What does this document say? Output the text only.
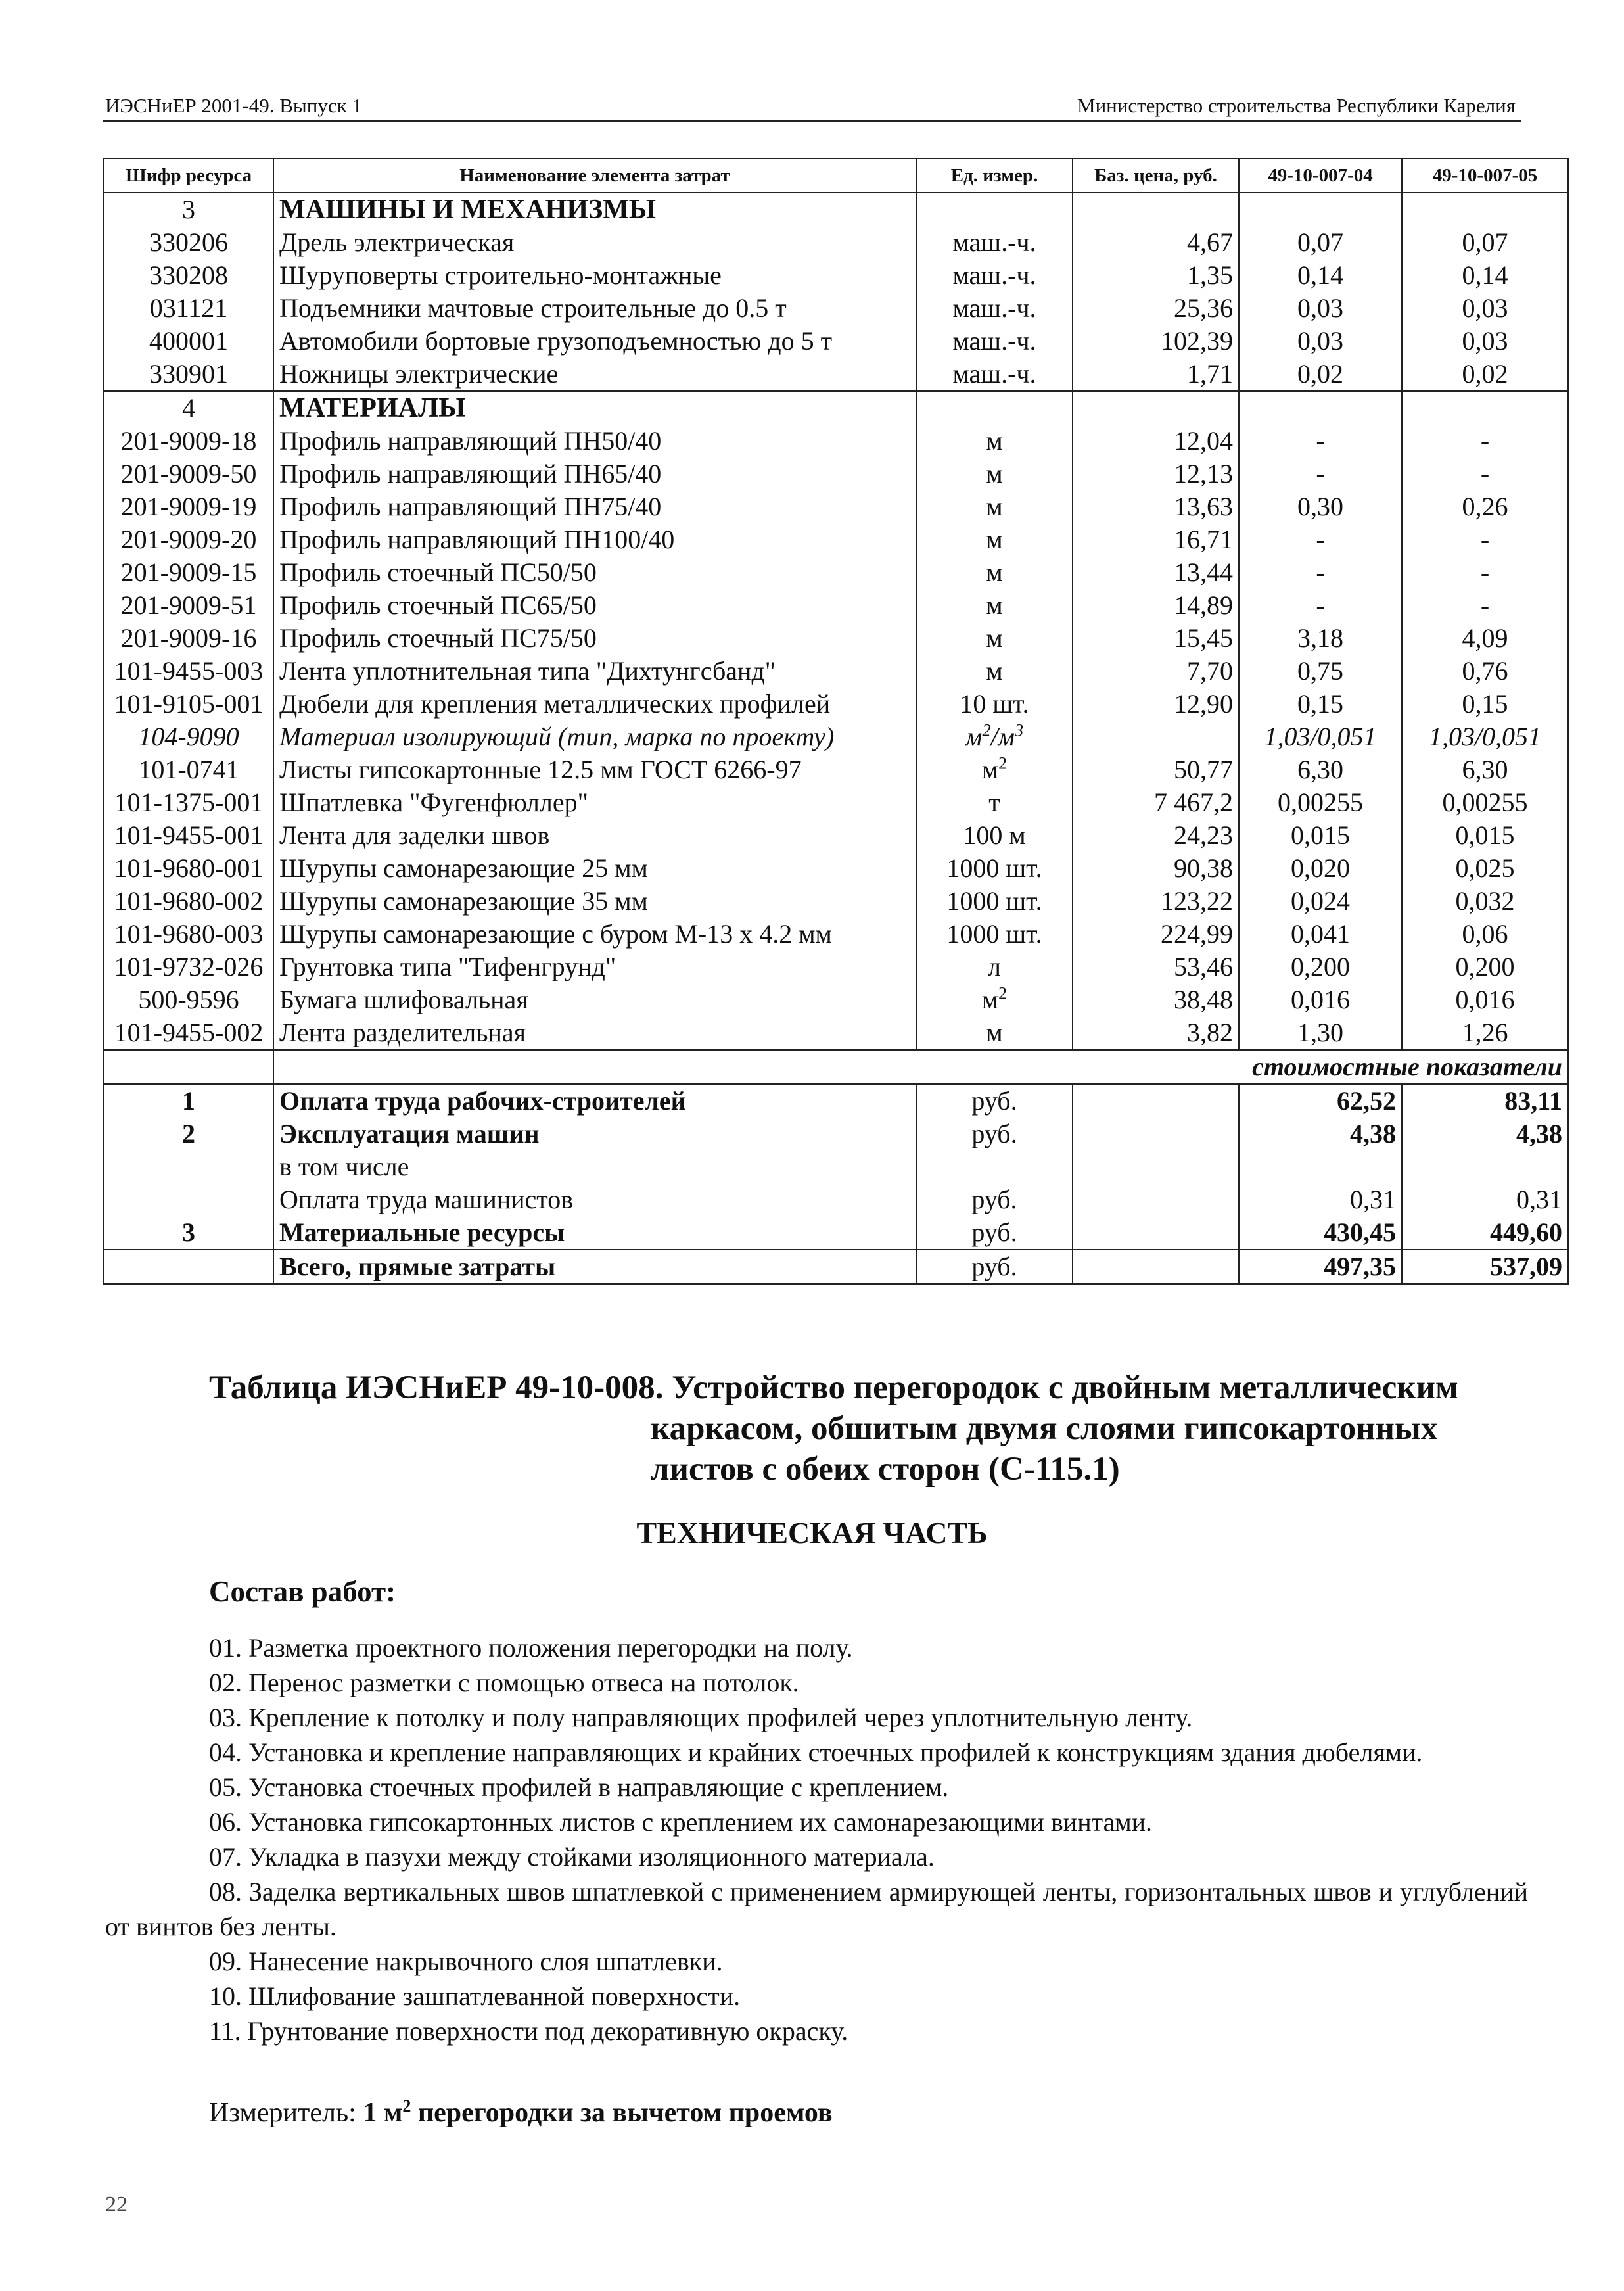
ИЭСНиЕР 2001-49. Выпуск 1	Министерство строительства Республики Карелия
Шифр ресурса	Наименование элемента затрат	Ед. измер.	Баз. цена, руб.	49-10-007-04	49-10-007-05
3	МАШИНЫ И МЕХАНИЗМЫ				
330206	Дрель электрическая	маш.-ч.	4,67	0,07	0,07
330208	Шуруповерты строительно-монтажные	маш.-ч.	1,35	0,14	0,14
031121	Подъемники мачтовые строительные до 0.5 т	маш.-ч.	25,36	0,03	0,03
400001	Автомобили бортовые грузоподъемностью до 5 т	маш.-ч.	102,39	0,03	0,03
330901	Ножницы электрические	маш.-ч.	1,71	0,02	0,02
4	МАТЕРИАЛЫ				
201-9009-18	Профиль направляющий ПН50/40	м	12,04	-	-
201-9009-50	Профиль направляющий ПН65/40	м	12,13	-	-
201-9009-19	Профиль направляющий ПН75/40	м	13,63	0,30	0,26
201-9009-20	Профиль направляющий ПН100/40	м	16,71	-	-
201-9009-15	Профиль стоечный ПС50/50	м	13,44	-	-
201-9009-51	Профиль стоечный ПС65/50	м	14,89	-	-
201-9009-16	Профиль стоечный ПС75/50	м	15,45	3,18	4,09
101-9455-003	Лента уплотнительная типа "Дихтунгсбанд"	м	7,70	0,75	0,76
101-9105-001	Дюбели для крепления металлических профилей	10 шт.	12,90	0,15	0,15
104-9090	Материал изолирующий (тип, марка по проекту)	$м^2/м^3$		1,03/0,051	1,03/0,051
101-0741	Листы гипсокартонные 12.5 мм ГОСТ 6266-97	$м^2$	50,77	6,30	6,30
101-1375-001	Шпатлевка "Фугенфюллер"	т	7 467,2	0,00255	0,00255
101-9455-001	Лента для заделки швов	100 м	24,23	0,015	0,015
101-9680-001	Шурупы самонарезающие 25 мм	1000 шт.	90,38	0,020	0,025
101-9680-002	Шурупы самонарезающие 35 мм	1000 шт.	123,22	0,024	0,032
101-9680-003	Шурупы самонарезающие с буром М-13 х 4.2 мм	1000 шт.	224,99	0,041	0,06
101-9732-026	Грунтовка типа "Тифенгрунд"	л	53,46	0,200	0,200
500-9596	Бумага шлифовальная	$м^2$	38,48	0,016	0,016
101-9455-002	Лента разделительная	м	3,82	1,30	1,26
	стоимостные показатели				
1	Оплата труда рабочих-строителей	руб.		62,52	83,11
2	Эксплуатация машин	руб.		4,38	4,38
	в том числе				
	Оплата труда машинистов	руб.		0,31	0,31
3	Материальные ресурсы	руб.		430,45	449,60
	Всего, прямые затраты	руб.		497,35	537,09
Таблица ИЭСНиЕР 49-10-008. Устройство перегородок с двойным металлическим
каркасом, обшитым двумя слоями гипсокартонных
листов с обеих сторон (С-115.1)
ТЕХНИЧЕСКАЯ ЧАСТЬ
Состав работ:

01. Разметка проектного положения перегородки на полу.

02. Перенос разметки с помощью отвеса на потолок.

03. Крепление к потолку и полу направляющих профилей через уплотнительную ленту.

04. Установка и крепление направляющих и крайних стоечных профилей к конструкциям здания дюбелями.

05. Установка стоечных профилей в направляющие с креплением.

06. Установка гипсокартонных листов с креплением их самонарезающими винтами.

07. Укладка в пазухи между стойками изоляционного материала.

08. Заделка вертикальных швов шпатлевкой с применением армирующей ленты, горизонтальных швов и углублений от винтов без ленты.

09. Нанесение накрывочного слоя шпатлевки.

10. Шлифование зашпатлеванной поверхности.

11. Грунтование поверхности под декоративную окраску.

Измеритель: 1 $м^2$ перегородки за вычетом проемов
22
